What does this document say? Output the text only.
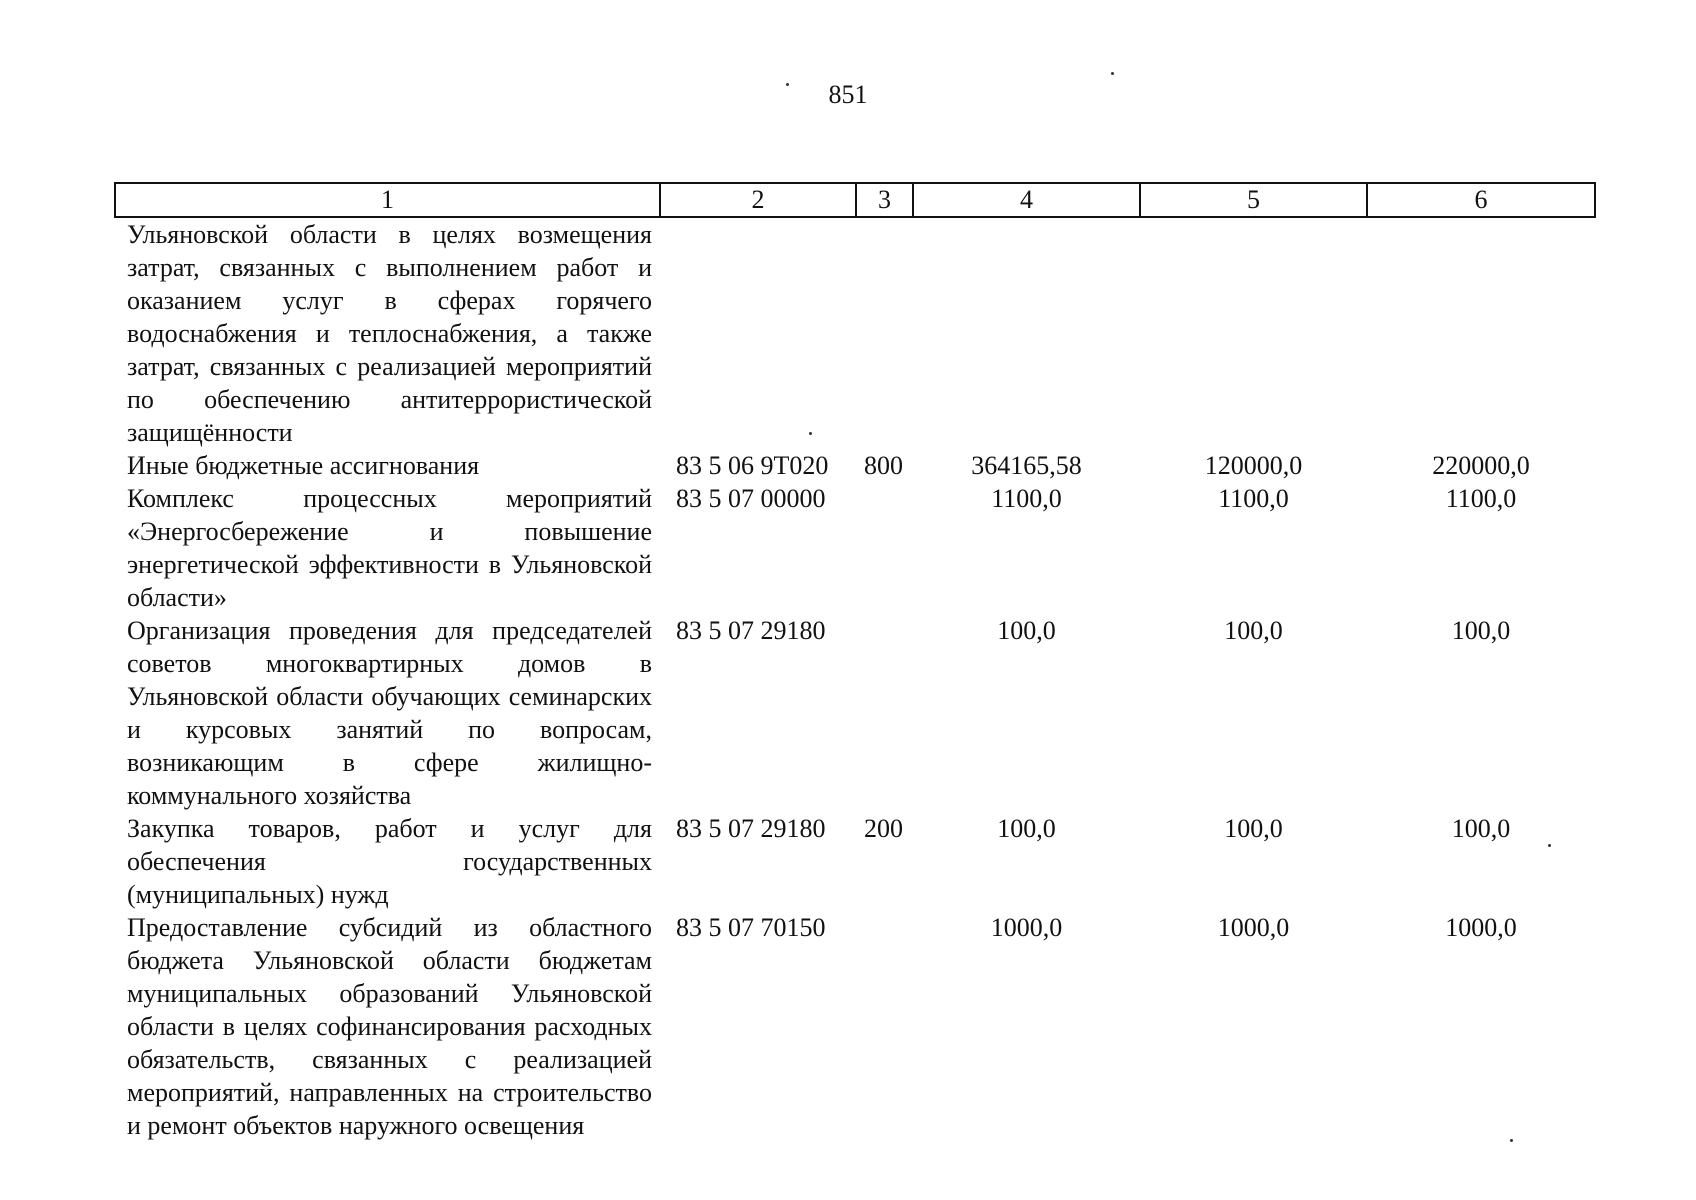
851
1	2	3	4	5	6
Ульяновской области в целях возмещения затрат, связанных с выполнением работ и оказанием услуг в сферах горячего водоснабжения и теплоснабжения, а также затрат, связанных с реализацией мероприятий по обеспечению антитеррористической защищённости					
Иные бюджетные ассигнования	83 5 06 9Т020	800	364165,58	120000,0	220000,0
Комплекс процессных мероприятий «Энергосбережение и повышение энергетической эффективности в Ульяновской области»	83 5 07 00000		1100,0	1100,0	1100,0
Организация проведения для председателей советов многоквартирных домов в Ульяновской области обучающих семинарских и курсовых занятий по вопросам, возникающим в сфере жилищно-коммунального хозяйства	83 5 07 29180		100,0	100,0	100,0
Закупка товаров, работ и услуг для обеспечения государственных (муниципальных) нужд	83 5 07 29180	200	100,0	100,0	100,0
Предоставление субсидий из областного бюджета Ульяновской области бюджетам муниципальных образований Ульяновской области в целях софинансирования расходных обязательств, связанных с реализацией мероприятий, направленных на строительство и ремонт объектов наружного освещения	83 5 07 70150		1000,0	1000,0	1000,0
